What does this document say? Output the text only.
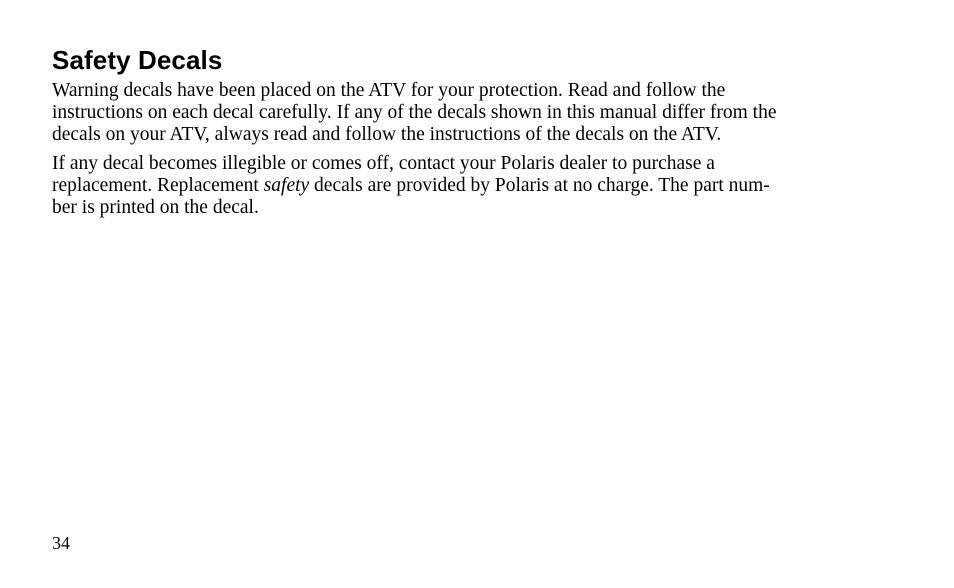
Safety Decals

Warning decals have been placed on the ATV for your protection. Read and follow the
instructions on each decal carefully. If any of the decals shown in this manual differ from the
decals on your ATV, always read and follow the instructions of the decals on the ATV.

If any decal becomes illegible or comes off, contact your Polaris dealer to purchase a
replacement. Replacement safety decals are provided by Polaris at no charge. The part num-
ber is printed on the decal.

34
